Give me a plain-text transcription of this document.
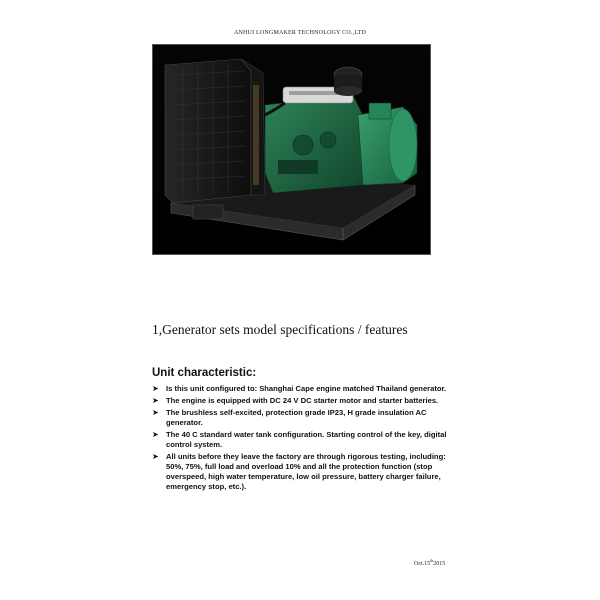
ANHUI LONGMAKER TECHNOLOGY CO.,LTD
1,Generator sets model specifications / features
Unit characteristic:
➤ Is this unit configured to: Shanghai Cape engine matched Thailand generator.
➤ The engine is equipped with DC 24 V DC starter motor and starter batteries.
➤ The brushless self-excited, protection grade IP23, H grade insulation AC generator.
➤ The 40 C standard water tank configuration. Starting control of the key, digital control system.
➤ All units before they leave the factory are through rigorous testing, including: 50%, 75%, full load and overload 10% and all the protection function (stop overspeed, high water temperature, low oil pressure, battery charger failure, emergency stop, etc.).
Oct.15th2015
